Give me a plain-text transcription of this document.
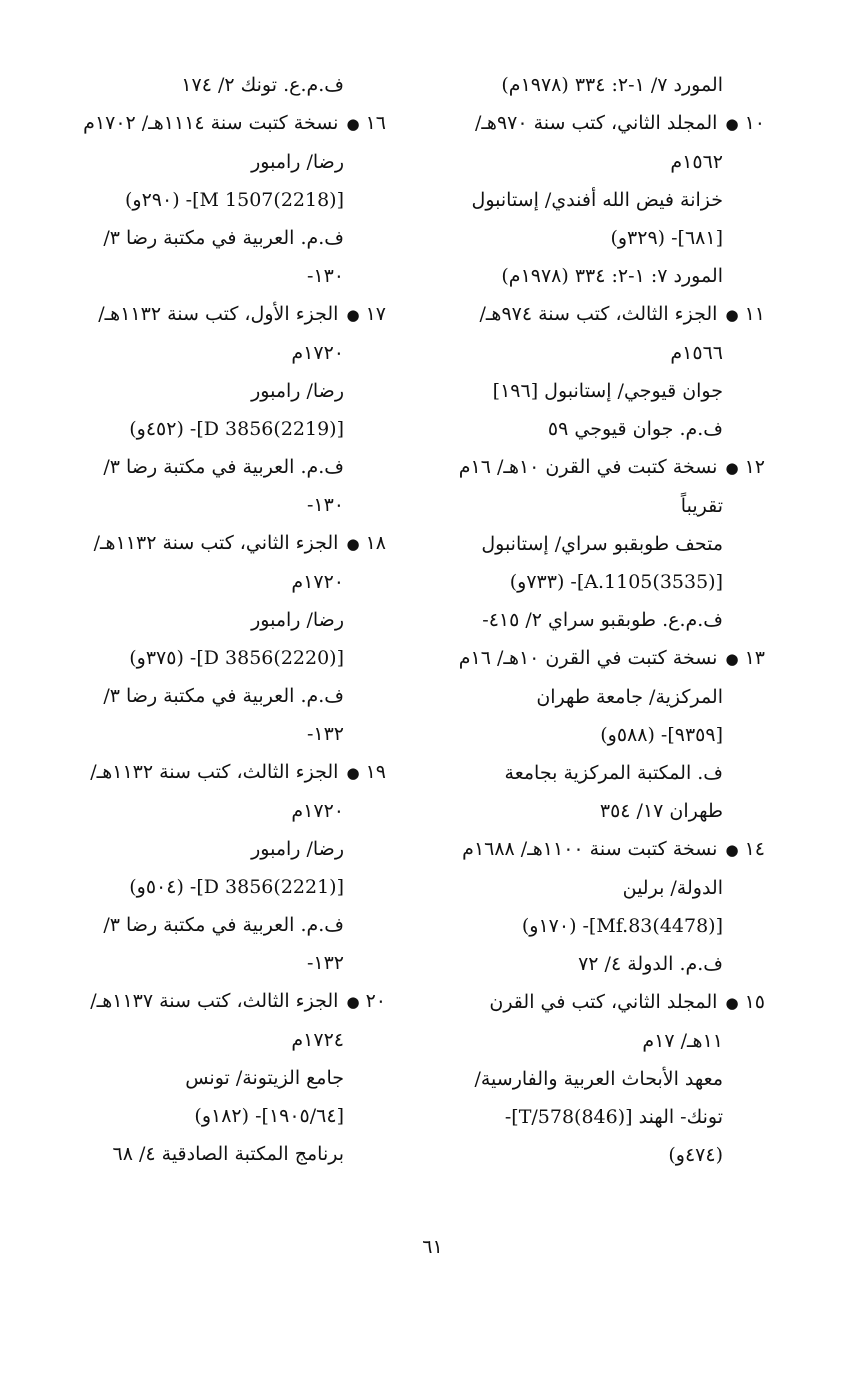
المورد ٧/ ١-٢: ٣٣٤ (١٩٧٨م)
١٠● المجلد الثاني، كتب سنة ٩٧٠هـ/
١٥٦٢م
خزانة فيض الله أفندي/ إستانبول
[٦٨١]- (٣٢٩و)
المورد ٧: ١-٢: ٣٣٤ (١٩٧٨م)
١١● الجزء الثالث، كتب سنة ٩٧٤هـ/
١٥٦٦م
جوان قيوجي/ إستانبول [١٩٦]
ف.م. جوان قيوجي ٥٩
١٢● نسخة كتبت في القرن ١٠هـ/ ١٦م
تقريباً
متحف طوبقبو سراي/ إستانبول
[(3535)A.1105]- (٧٣٣و)
ف.م.ع. طوبقبو سراي ٢/ ٤١٥-
١٣● نسخة كتبت في القرن ١٠هـ/ ١٦م
المركزية/ جامعة طهران
[٩٣٥٩]- (٥٨٨و)
ف. المكتبة المركزية بجامعة
طهران ١٧/ ٣٥٤
١٤● نسخة كتبت سنة ١١٠٠هـ/ ١٦٨٨م
الدولة/ برلين
[(4478)Mf.83]- (١٧٠و)
ف.م. الدولة ٤/ ٧٢
١٥● المجلد الثاني، كتب في القرن
١١هـ/ ١٧م
معهد الأبحاث العربية والفارسية/
تونك- الهند [(846)T/578]-
(٤٧٤و)
ف.م.ع. تونك ٢/ ١٧٤
١٦● نسخة كتبت سنة ١١١٤هـ/ ١٧٠٢م
رضا/ رامبور
[(2218)1507 M]- (٢٩٠و)
ف.م. العربية في مكتبة رضا ٣/
١٣٠-
١٧● الجزء الأول، كتب سنة ١١٣٢هـ/
١٧٢٠م
رضا/ رامبور
[(2219)3856 D]- (٤٥٢و)
ف.م. العربية في مكتبة رضا ٣/
١٣٠-
١٨● الجزء الثاني، كتب سنة ١١٣٢هـ/
١٧٢٠م
رضا/ رامبور
[(2220)3856 D]- (٣٧٥و)
ف.م. العربية في مكتبة رضا ٣/
١٣٢-
١٩● الجزء الثالث، كتب سنة ١١٣٢هـ/
١٧٢٠م
رضا/ رامبور
[(2221)3856 D]- (٥٠٤و)
ف.م. العربية في مكتبة رضا ٣/
١٣٢-
٢٠● الجزء الثالث، كتب سنة ١١٣٧هـ/
١٧٢٤م
جامع الزيتونة/ تونس
[١٩٠٥/٦٤]- (١٨٢و)
برنامج المكتبة الصادقية ٤/ ٦٨
٦١
